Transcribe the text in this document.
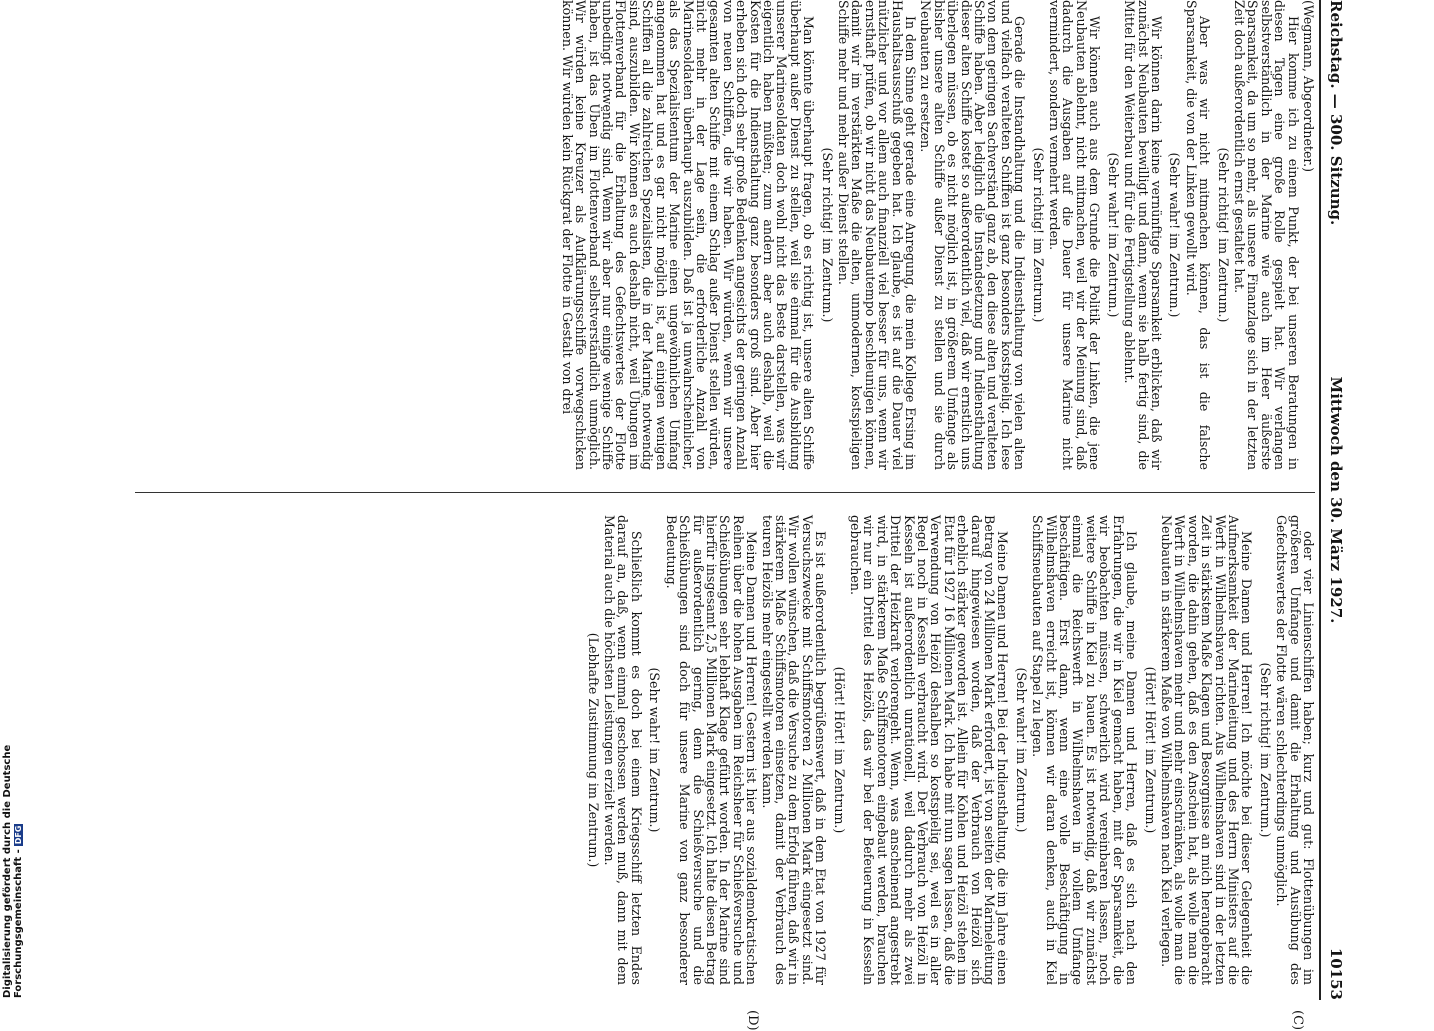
Reichstag. — 300. Sitzung.
Mittwoch den 30. März 1927.
10153
(C)
(D)

(Wegmann, Abgeordneter.)

Hier komme ich zu einem Punkt, der bei unseren Beratungen in diesen Tagen eine große Rolle gespielt hat. Wir verlangen selbstverständlich in der Marine wie auch im Heer äußerste Sparsamkeit, da um so mehr, als unsere Finanzlage sich in der letzten Zeit doch außerordentlich ernst gestaltet hat.

(Sehr richtig! im Zentrum.)

Aber was wir nicht mitmachen können, das ist die falsche Sparsamkeit, die von der Linken gewollt wird.

(Sehr wahr! im Zentrum.)

Wir können darin keine vernünftige Sparsamkeit erblicken, daß wir zunächst Neubauten bewilligt und dann, wenn sie halb fertig sind, die Mittel für den Weiterbau und für die Fertigstellung ablehnt.

(Sehr wahr! im Zentrum.)

Wir können auch aus dem Grunde die Politik der Linken, die jene Neubauten ablehnt, nicht mitmachen, weil wir der Meinung sind, daß dadurch die Ausgaben auf die Dauer für unsere Marine nicht vermindert, sondern vermehrt werden.

(Sehr richtig! im Zentrum.)

Gerade die Instandhaltung und die Indiensthaltung von vielen alten und vielfach veralteten Schiffen ist ganz besonders kostspielig. Ich lese von dem geringen Sachverständ ganz ab, den diese alten und veralteten Schiffe haben. Aber lediglich die Instandsetzung und Indiensthaltung dieser alten Schiffe kostet so außerordentlich viel, daß wir ernstlich uns überlegen müssen, ob es nicht möglich ist, in größerem Umfange als bisher unsere alten Schiffe außer Dienst zu stellen und sie durch Neubauten zu ersetzen.

In dem Sinne geht gerade eine Anregung, die mein Kollege Ersing im Haushaltsausschuß gegeben hat. Ich glaube, es ist auf die Dauer viel nützlicher und vor allem auch finanziell viel besser für uns, wenn wir ernsthaft prüfen, ob wir nicht das Neubautempo beschleunigen können, damit wir im verstärkten Maße die alten, unmodernen, kostspieligen Schiffe mehr und mehr außer Dienst stellen.

(Sehr richtig! im Zentrum.)

Man könnte überhaupt fragen, ob es richtig ist, unsere alten Schiffe überhaupt außer Dienst zu stellen, weil sie einmal für die Ausbildung unserer Marinesoldaten doch wohl nicht das Beste darstellen, was wir eigentlich haben müßten; zum andern aber auch deshalb, weil die Kosten für die Indiensthaltung ganz besonders groß sind. Aber hier erheben sich doch sehr große Bedenken angesichts der geringen Anzahl von neuen Schiffen, die wir haben. Wir würden, wenn wir unsere gesamten alten Schiffe mit einem Schlag außer Dienst stellen würden, nicht mehr in der Lage sein, die erforderliche Anzahl von Marinesoldaten überhaupt auszubilden. Daß ist ja unwahrscheinlicher, als das Spezialistentum der Marine einen ungewöhnlichen Umfang angenommen hat und es gar nicht möglich ist, auf einigen wenigen Schiffen all die zahlreichen Spezialisten, die in der Marine notwendig sind, auszubilden. Wir können es auch deshalb nicht, weil Übungen im Flottenverband für die Erhaltung des Gefechtswertes der Flotte unbedingt notwendig sind. Wenn wir aber nur einige wenige Schiffe haben, ist das Üben im Flottenverband selbstverständlich unmöglich. Wir würden keine Kreuzer als Aufklärungsschiffe vorwegschicken können. Wir würden kein Rückgrat der Flotte in Gestalt von drei

oder vier Linienschiffen haben; kurz und gut: Flottenübungen im größeren Umfange und damit die Erhaltung und Ausübung des Gefechtswertes der Flotte wären schlechterdings unmöglich.

(Sehr richtig! im Zentrum.)

Meine Damen und Herren! Ich möchte bei dieser Gelegenheit die Aufmerksamkeit der Marineleitung und des Herrn Ministers auf die Werft in Wilhelmshaven richten. Aus Wilhelmshaven sind in der letzten Zeit in stärkstem Maße Klagen und Besorgnisse an mich herangebracht worden, die dahin gehen, daß es den Anschein hat, als wolle man die Werft in Wilhelmshaven mehr und mehr einschränken, als wolle man die Neubauten in stärkerem Maße von Wilhelmshaven nach Kiel verlegen.

(Hört! Hört! im Zentrum.)

Ich glaube, meine Damen und Herren, daß es sich nach den Erfahrungen, die wir in Kiel gemacht haben, mit der Sparsamkeit, die wir beobachten müssen, schwerlich wird vereinbaren lassen, noch weitere Schiffe in Kiel zu bauen. Es ist notwendig, daß wir zunächst einmal die Reichswerft in Wilhelmshaven in vollem Umfange beschäftigen. Erst dann, wenn eine volle Beschäftigung in Wilhelmshaven erreicht ist, können wir daran denken, auch in Kiel Schiffsneubauten auf Stapel zu legen.

(Sehr wahr! im Zentrum.)

Meine Damen und Herren! Bei der Indiensthaltung, die im Jahre einen Betrag von 24 Millionen Mark erfordert, ist von seiten der Marineleitung darauf hingewiesen worden, daß der Verbrauch von Heizöl sich erheblich stärker geworden ist. Allein für Kohlen und Heizöl stehen im Etat für 1927 16 Millionen Mark. Ich habe mit nun sagen lassen, daß die Verwendung von Heizöl deshalben so kostspielig sei, weil es in aller Regel noch in Kesseln verbraucht wird. Der Verbrauch von Heizöl in Kesseln ist außerordentlich unrationell, weil dadurch mehr als zwei Drittel der Heizkraft verlorengeht. Wenn, was anscheinend angestrebt wird, in stärkerem Maße Schiffsmotoren eingebaut werden, brauchen wir nur ein Drittel des Heizöls, das wir bei der Befeuerung in Kesseln gebrauchen.

(Hört! Hört! im Zentrum.)

Es ist außerordentlich begrüßenswert, daß in dem Etat von 1927 für Versuchszwecke mit Schiffsmotoren 2 Millionen Mark eingesetzt sind. Wir wollen wünschen, daß die Versuche zu dem Erfolg führen, daß wir in stärkerem Maße Schiffsmotoren einsetzen, damit der Verbrauch des teuren Heizöls mehr eingestellt werden kann.

Meine Damen und Herren! Gestern ist hier aus sozialdemokratischen Reihen über die hohen Ausgaben im Reichsheer für Schießversuche und Schießübungen sehr lebhaft Klage geführt worden. In der Marine sind hierfür insgesamt 2,5 Millionen Mark eingesetzt. Ich halte diesen Betrag für außerordentlich gering, denn die Schießversuche und die Schießübungen sind doch für unsere Marine von ganz besonderer Bedeutung.

(Sehr wahr! im Zentrum.)

Schließlich kommt es doch bei einem Kriegsschiff letzten Endes darauf an, daß, wenn einmal geschossen werden muß, dann mit dem Material auch die höchsten Leistungen erzielt werden.

(Lebhafte Zustimmung im Zentrum.)

Digitalisierung gefördert durch die Deutsche Forschungsgemeinschaft -DFG
